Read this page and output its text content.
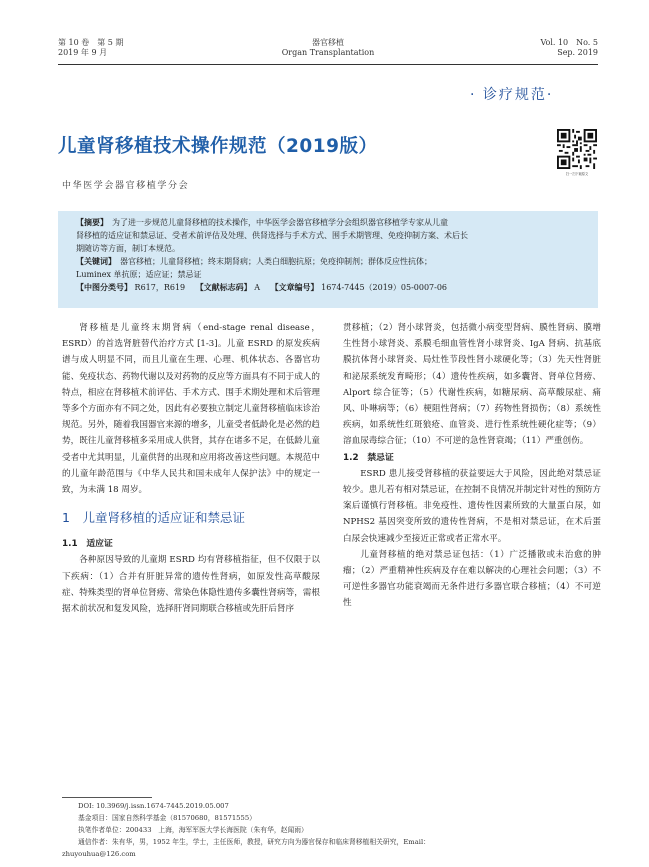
第 10 卷　第 5 期
2019 年 9 月
器官移植
Organ Transplantation
Vol. 10　No. 5
Sep. 2019
· 诊疗规范·
儿童肾移植技术操作规范（2019版）
扫一扫下载原文
中华医学会器官移植学分会
【摘要】　 为了进一步规范儿童肾移植的技术操作，中华医学会器官移植学分会组织器官移植学专家从儿童
肾移植的适应证和禁忌证、受者术前评估及处理、供肾选择与手术方式、围手术期管理、免疫抑制方案、术后长
期随访等方面，制订本规范。
【关键词】　 器官移植；儿童肾移植；终末期肾病；人类白细胞抗原；免疫抑制剂；群体反应性抗体；
Luminex 单抗原；适应证；禁忌证
【中图分类号】 R617，R619　 【文献标志码】 A　 【文章编号】 1674-7445（2019）05-0007-06

肾移植是儿童终末期肾病（end-stage renal disease，ESRD）的首选肾脏替代治疗方式 [1-3]。儿童 ESRD 的原发疾病谱与成人明显不同，而且儿童在生理、心理、机体状态、各器官功能、免疫状态、药物代谢以及对药物的反应等方面具有不同于成人的特点，相应在肾移植术前评估、手术方式、围手术期处理和术后管理等多个方面亦有不同之处，因此有必要独立制定儿童肾移植临床诊治规范。另外，随着我国器官来源的增多，儿童受者低龄化是必然的趋势，既往儿童肾移植多采用成人供肾，其存在诸多不足，在低龄儿童受者中尤其明显，儿童供肾的出现和应用将改善这些问题。本规范中的儿童年龄范围与《中华人民共和国未成年人保护法》中的规定一致，为未满 18 周岁。

1　儿童肾移植的适应证和禁忌证

1.1　适应证

各种原因导致的儿童期 ESRD 均有肾移植指征，但不仅限于以下疾病：（1）合并有肝脏异常的遗传性肾病，如原发性高草酸尿症、特殊类型的肾单位肾痨、常染色体隐性遗传多囊性肾病等，需根据术前状况和复发风险，选择肝肾同期联合移植或先肝后肾序

贯移植；（2）肾小球肾炎，包括微小病变型肾病、膜性肾病、膜增生性肾小球肾炎、系膜毛细血管性肾小球肾炎、IgA 肾病、抗基底膜抗体肾小球肾炎、局灶性节段性肾小球硬化等；（3）先天性肾脏和泌尿系统发育畸形；（4）遗传性疾病，如多囊肾、肾单位肾痨、Alport 综合征等；（5）代谢性疾病，如糖尿病、高草酸尿症、痛风、卟啉病等；（6）梗阻性肾病；（7）药物性肾损伤；（8）系统性疾病，如系统性红斑狼疮、血管炎、进行性系统性硬化症等；（9）溶血尿毒综合征；（10）不可逆的急性肾衰竭；（11）严重创伤。

1.2　禁忌证

ESRD 患儿接受肾移植的获益要远大于风险，因此绝对禁忌证较少。患儿若有相对禁忌证，在控制不良情况并制定针对性的预防方案后谨慎行肾移植。非免疫性、遗传性因素所致的大量蛋白尿，如 NPHS2 基因突变所致的遗传性肾病，不是相对禁忌证，在术后蛋白尿会快速减少至接近正常或者正常水平。

儿童肾移植的绝对禁忌证包括：（1）广泛播散或未治愈的肿瘤；（2）严重精神性疾病及存在难以解决的心理社会问题；（3）不可逆性多器官功能衰竭而无条件进行多器官联合移植；（4）不可逆性

DOI: 10.3969/j.issn.1674-7445.2019.05.007
基金项目：国家自然科学基金（81570680，81571555）
执笔作者单位：200433　上海，海军军医大学长海医院（朱有华，赵闻雨）
通信作者：朱有华，男，1952 年生，学士，主任医师，教授，研究方向为器官保存和临床肾移植相关研究，Email：
zhuyouhua@126.com
